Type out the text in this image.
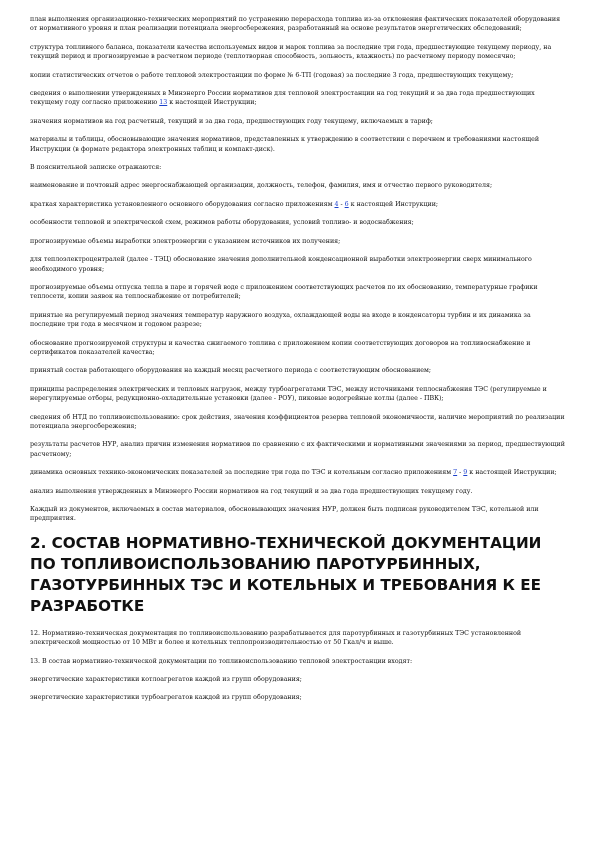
план выполнения организационно-технических мероприятий по устранению перерасхода топлива из-за отклонения фактических показателей оборудования от нормативного уровня и план реализации потенциала энергосбережения, разработанный на основе результатов энергетических обследований;

структура топливного баланса, показатели качества используемых видов и марок топлива за последние три года, предшествующие текущему периоду, на текущий период и прогнозируемые в расчетном периоде (теплотворная способность, зольность, влажность) по расчетному периоду помесячно;

копии статистических отчетов о работе тепловой электростанции по форме № 6-ТП (годовая) за последние 3 года, предшествующих текущему;

сведения о выполнении утвержденных в Минэнерго России нормативов для тепловой электростанции на год текущий и за два года предшествующих текущему году согласно приложению 13 к настоящей Инструкции;

значения нормативов на год расчетный, текущий и за два года, предшествующих году текущему, включаемых в тариф;

материалы и таблицы, обосновывающие значения нормативов, представленных к утверждению в соответствии с перечнем и требованиями настоящей Инструкции (в формате редактора электронных таблиц и компакт-диск).

В пояснительной записке отражаются:

наименование и почтовый адрес энергоснабжающей организации, должность, телефон, фамилия, имя и отчество первого руководителя;

краткая характеристика установленного основного оборудования согласно приложениям 4 - 6 к настоящей Инструкции;

особенности тепловой и электрической схем, режимов работы оборудования, условий топливо- и водоснабжения;

прогнозируемые объемы выработки электроэнергии с указанием источников их получения;

для теплоэлектроцентралей (далее - ТЭЦ) обоснование значения дополнительной конденсационной выработки электроэнергии сверх минимального необходимого уровня;

прогнозируемые объемы отпуска тепла в паре и горячей воде с приложением соответствующих расчетов по их обоснованию, температурные графики теплосети, копии заявок на теплоснабжение от потребителей;

принятые на регулируемый период значения температур наружного воздуха, охлаждающей воды на входе в конденсаторы турбин и их динамика за последние три года в месячном и годовом разрезе;

обоснование прогнозируемой структуры и качества сжигаемого топлива с приложением копии соответствующих договоров на топливоснабжение и сертификатов показателей качества;

принятый состав работающего оборудования на каждый месяц расчетного периода с соответствующим обоснованием;

принципы распределения электрических и тепловых нагрузок, между турбоагрегатами ТЭС, между источниками теплоснабжения ТЭС (регулируемые и нерегулируемые отборы, редукционно-охладительные установки (далее - РОУ), пиковые водогрейные котлы (далее - ПВК);

сведения об НТД по топливоиспользованию: срок действия, значения коэффициентов резерва тепловой экономичности, наличие мероприятий по реализации потенциала энергосбережения;

результаты расчетов НУР, анализ причин изменения нормативов по сравнению с их фактическими и нормативными значениями за период, предшествующий расчетному;

динамика основных технико-экономических показателей за последние три года по ТЭС и котельным согласно приложениям 7 - 9 к настоящей Инструкции;

анализ выполнения утвержденных в Минэнерго России нормативов на год текущий и за два года предшествующих текущему году.

Каждый из документов, включаемых в состав материалов, обосновывающих значения НУР, должен быть подписан руководителем ТЭС, котельной или предприятия.

2. СОСТАВ НОРМАТИВНО-ТЕХНИЧЕСКОЙ ДОКУМЕНТАЦИИ ПО ТОПЛИВОИСПОЛЬЗОВАНИЮ ПАРОТУРБИННЫХ, ГАЗОТУРБИННЫХ ТЭС И КОТЕЛЬНЫХ И ТРЕБОВАНИЯ К ЕЕ РАЗРАБОТКЕ

12. Нормативно-техническая документация по топливоиспользованию разрабатывается для паротурбинных и газотурбинных ТЭС установленной электрической мощностью от 10 МВт и более и котельных теплопроизводительностью от 50 Гкал/ч и выше.

13. В состав нормативно-технической документации по топливоиспользованию тепловой электростанции входят:

энергетические характеристики котлоагрегатов каждой из групп оборудования;

энергетические характеристики турбоагрегатов каждой из групп оборудования;
